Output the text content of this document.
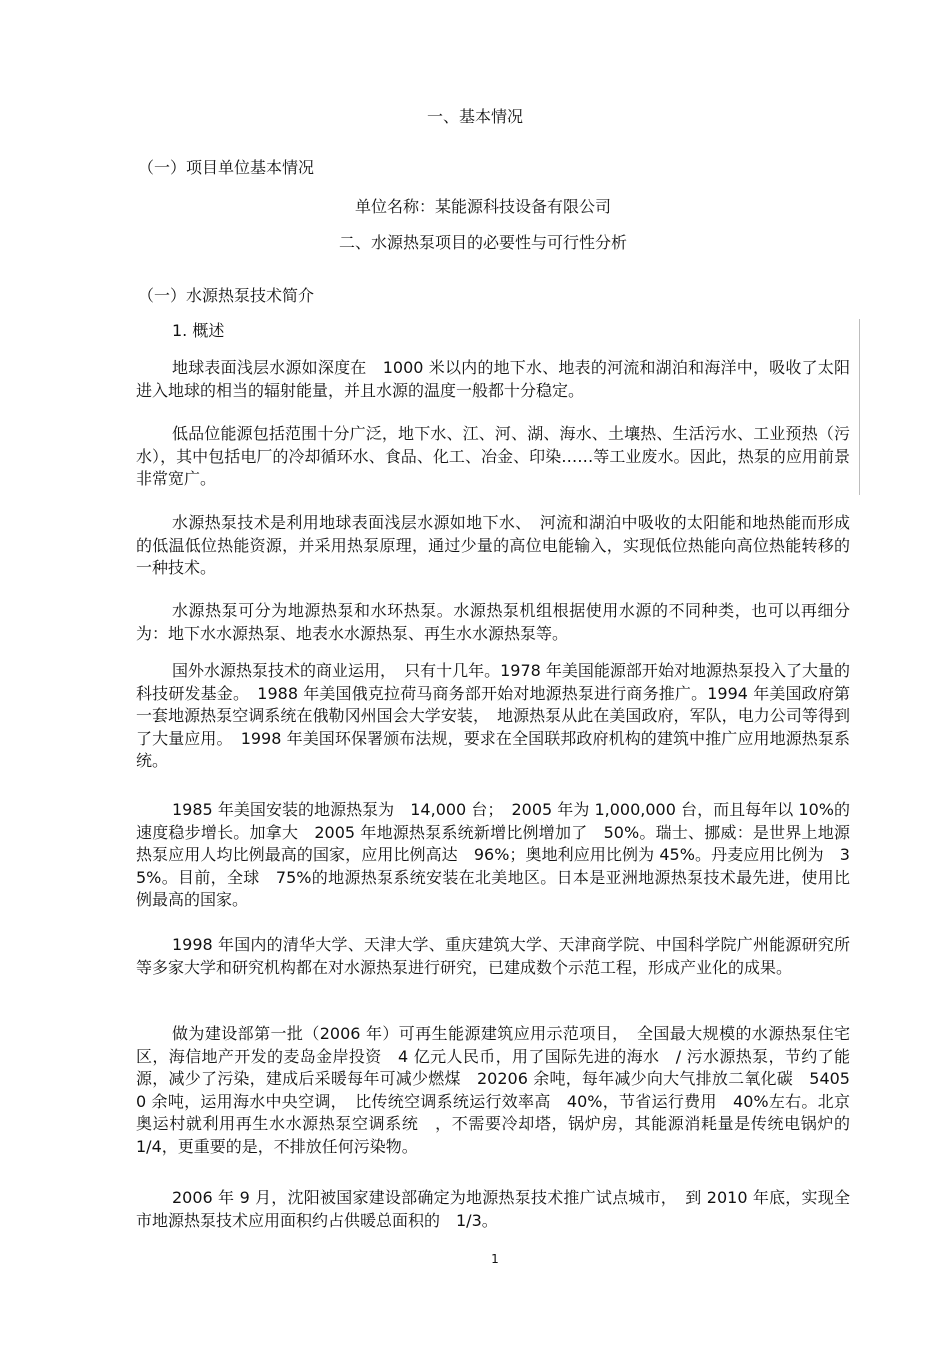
一、基本情况
（一）项目单位基本情况
单位名称：某能源科技设备有限公司
二、水源热泵项目的必要性与可行性分析
（一）水源热泵技术简介
1. 概述
地球表面浅层水源如深度在　1000 米以内的地下水、地表的河流和湖泊和海洋中，吸收了太阳进入地球的相当的辐射能量，并且水源的温度一般都十分稳定。
低品位能源包括范围十分广泛，地下水、江、河、湖、海水、土壤热、生活污水、工业预热（污水），其中包括电厂的冷却循环水、食品、化工、冶金、印染……等工业废水。因此，热泵的应用前景非常宽广。
水源热泵技术是利用地球表面浅层水源如地下水、　河流和湖泊中吸收的太阳能和地热能而形成的低温低位热能资源，并采用热泵原理，通过少量的高位电能输入，实现低位热能向高位热能转移的一种技术。
水源热泵可分为地源热泵和水环热泵。水源热泵机组根据使用水源的不同种类，也可以再细分为：地下水水源热泵、地表水水源热泵、再生水水源热泵等。
国外水源热泵技术的商业运用，　只有十几年。1978 年美国能源部开始对地源热泵投入了大量的科技研发基金。　1988 年美国俄克拉荷马商务部开始对地源热泵进行商务推广。1994 年美国政府第一套地源热泵空调系统在俄勒冈州国会大学安装，　地源热泵从此在美国政府，军队，电力公司等得到了大量应用。　1998 年美国环保署颁布法规，要求在全国联邦政府机构的建筑中推广应用地源热泵系统。
1985 年美国安装的地源热泵为　14,000 台；　2005 年为 1,000,000 台，而且每年以 10%的速度稳步增长。加拿大　2005 年地源热泵系统新增比例增加了　50%。瑞士、挪威：是世界上地源热泵应用人均比例最高的国家，应用比例高达　96%；奥地利应用比例为 45%。丹麦应用比例为　35%。目前，全球　75%的地源热泵系统安装在北美地区。日本是亚洲地源热泵技术最先进，使用比例最高的国家。
1998 年国内的清华大学、天津大学、重庆建筑大学、天津商学院、中国科学院广州能源研究所等多家大学和研究机构都在对水源热泵进行研究，已建成数个示范工程，形成产业化的成果。
做为建设部第一批（2006 年）可再生能源建筑应用示范项目，　全国最大规模的水源热泵住宅区，海信地产开发的麦岛金岸投资　4 亿元人民币，用了国际先进的海水　/ 污水源热泵，节约了能源，减少了污染，建成后采暖每年可减少燃煤　20206 余吨，每年减少向大气排放二氧化碳　54050 余吨，运用海水中央空调，　比传统空调系统运行效率高　40%，节省运行费用　40%左右。北京奥运村就利用再生水水源热泵空调系统　，不需要冷却塔，锅炉房，其能源消耗量是传统电锅炉的　1/4，更重要的是，不排放任何污染物。
2006 年 9 月，沈阳被国家建设部确定为地源热泵技术推广试点城市，　到 2010 年底，实现全市地源热泵技术应用面积约占供暖总面积的　1/3。
1
